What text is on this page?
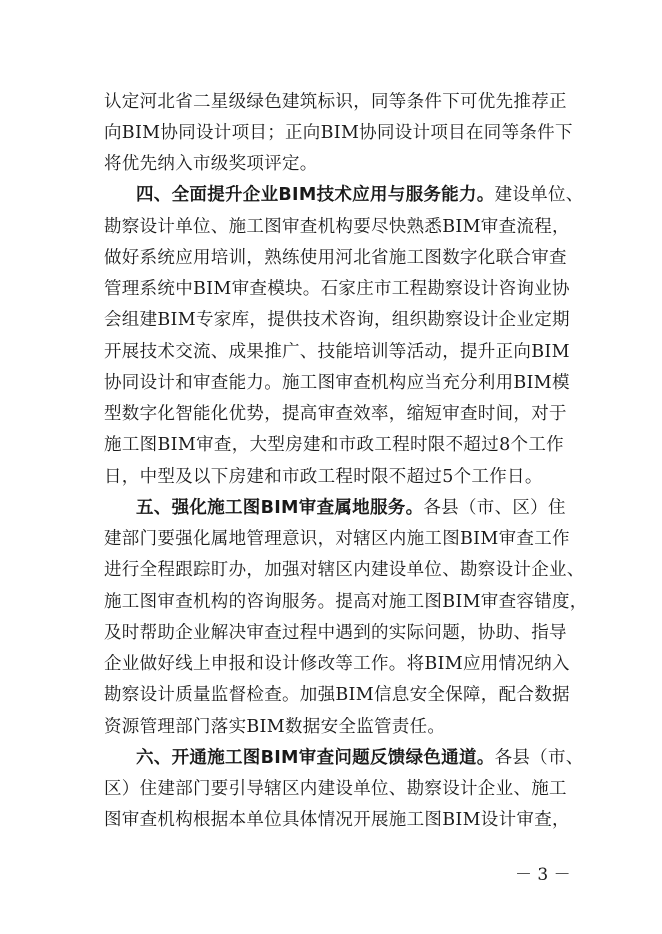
认定河北省二星级绿色建筑标识，同等条件下可优先推荐正
向BIM协同设计项目；正向BIM协同设计项目在同等条件下
将优先纳入市级奖项评定。
四、全面提升企业BIM技术应用与服务能力。建设单位、
勘察设计单位、施工图审查机构要尽快熟悉BIM审查流程，
做好系统应用培训，熟练使用河北省施工图数字化联合审查
管理系统中BIM审查模块。石家庄市工程勘察设计咨询业协
会组建BIM专家库，提供技术咨询，组织勘察设计企业定期
开展技术交流、成果推广、技能培训等活动，提升正向BIM
协同设计和审查能力。施工图审查机构应当充分利用BIM模
型数字化智能化优势，提高审查效率，缩短审查时间，对于
施工图BIM审查，大型房建和市政工程时限不超过8个工作
日，中型及以下房建和市政工程时限不超过5个工作日。
五、强化施工图BIM审查属地服务。各县（市、区）住
建部门要强化属地管理意识，对辖区内施工图BIM审查工作
进行全程跟踪盯办，加强对辖区内建设单位、勘察设计企业、
施工图审查机构的咨询服务。提高对施工图BIM审查容错度，
及时帮助企业解决审查过程中遇到的实际问题，协助、指导
企业做好线上申报和设计修改等工作。将BIM应用情况纳入
勘察设计质量监督检查。加强BIM信息安全保障，配合数据
资源管理部门落实BIM数据安全监管责任。
六、开通施工图BIM审查问题反馈绿色通道。各县（市、
区）住建部门要引导辖区内建设单位、勘察设计企业、施工
图审查机构根据本单位具体情况开展施工图BIM设计审查，
－ 3 －
